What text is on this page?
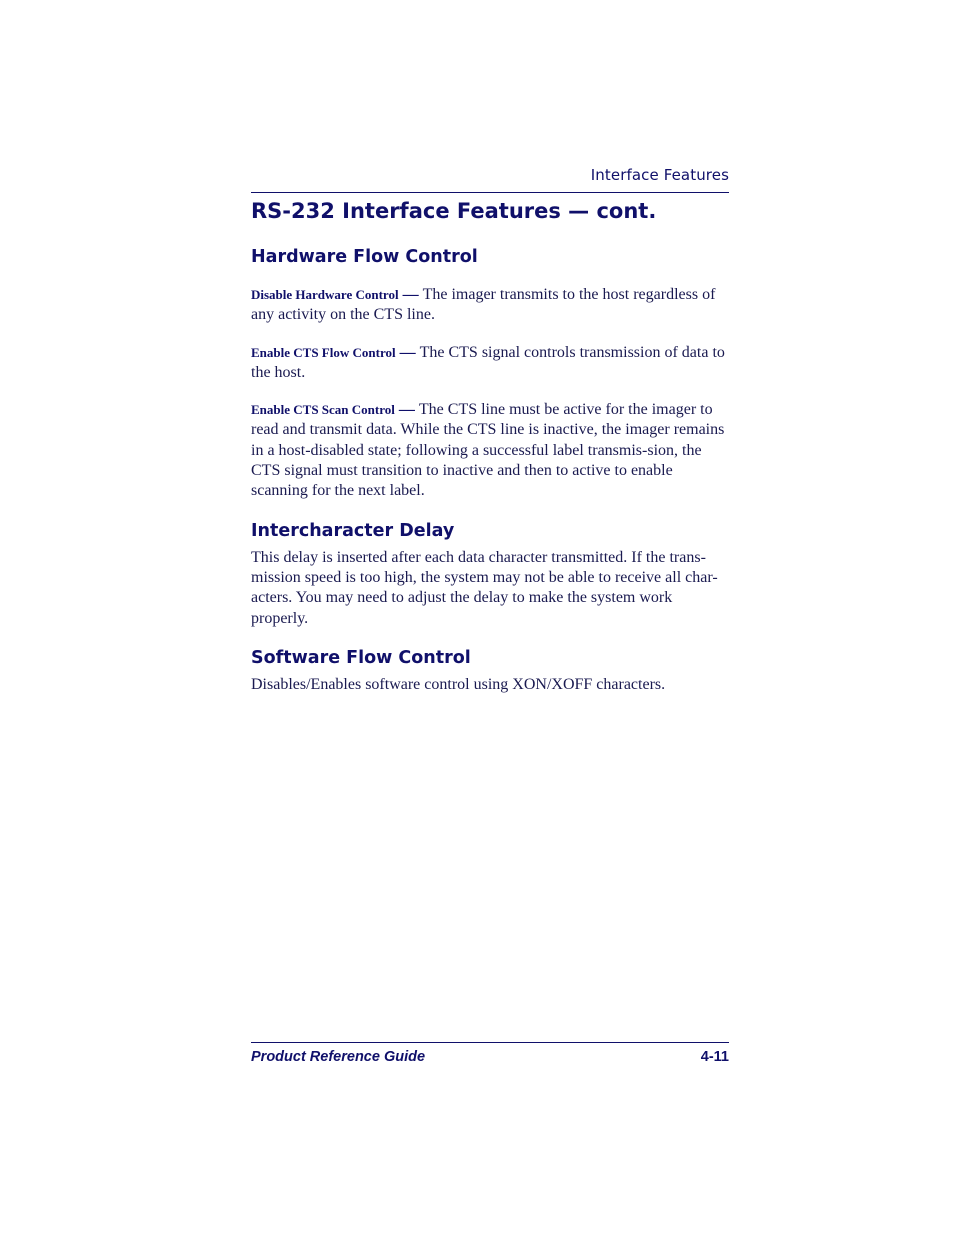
Interface Features
RS-232 Interface Features — cont.
Hardware Flow Control

Disable Hardware Control — The imager transmits to the host regardless of any activity on the CTS line.

Enable CTS Flow Control — The CTS signal controls transmission of data to the host.

Enable CTS Scan Control — The CTS line must be active for the imager to read and transmit data. While the CTS line is inactive, the imager remains in a host-disabled state; following a successful label transmis-sion, the CTS signal must transition to inactive and then to active to enable scanning for the next label.

Intercharacter Delay

This delay is inserted after each data character transmitted. If the trans-mission speed is too high, the system may not be able to receive all char-acters. You may need to adjust the delay to make the system work properly.

Software Flow Control

Disables/Enables software control using XON/XOFF characters.

Product Reference Guide	4-11
